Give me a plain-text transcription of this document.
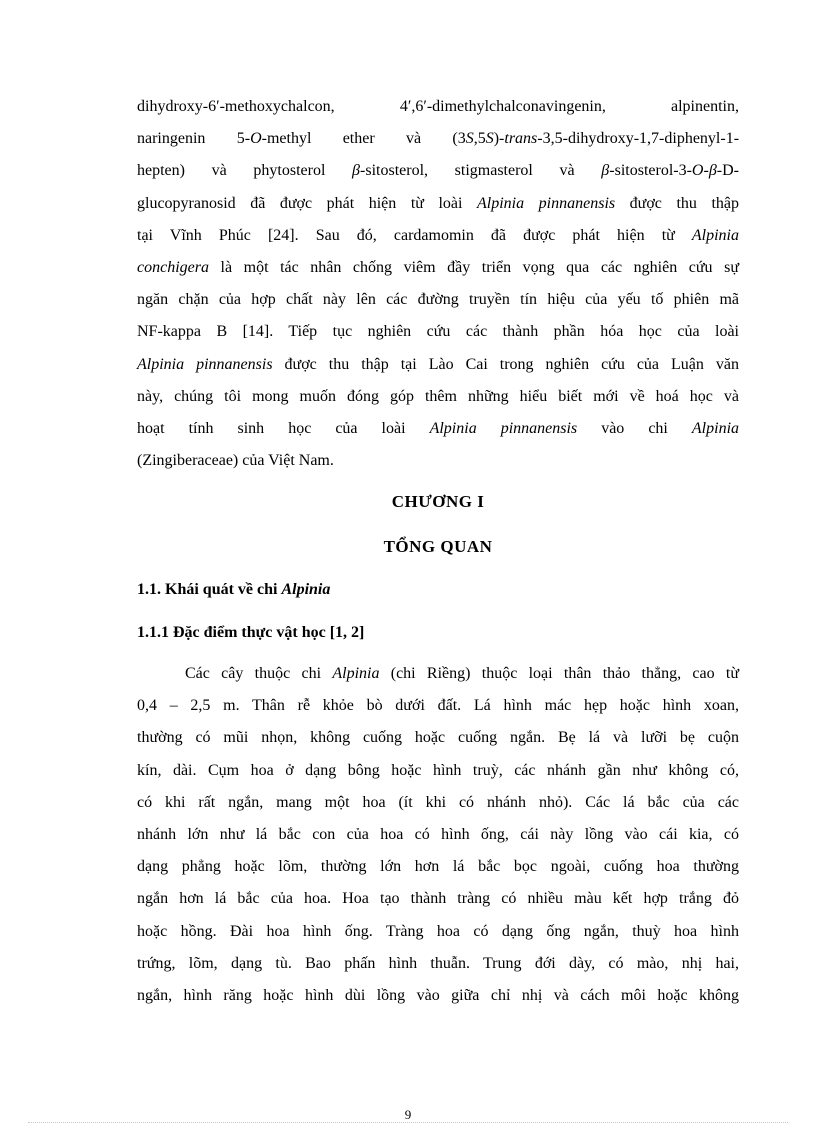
dihydroxy-6′-methoxychalcon, 4′,6′-dimethylchalconavingenin, alpinentin,
naringenin 5-O-methyl ether và (3S,5S)-trans-3,5-dihydroxy-1,7-diphenyl-1-
hepten) và phytosterol β-sitosterol, stigmasterol và β-sitosterol-3-O-β-D-
glucopyranosid đã được phát hiện từ loài Alpinia pinnanensis được thu thập
tại Vĩnh Phúc [24]. Sau đó, cardamomin đã được phát hiện từ Alpinia
conchigera là một tác nhân chống viêm đầy triển vọng qua các nghiên cứu sự
ngăn chặn của hợp chất này lên các đường truyền tín hiệu của yếu tố phiên mã
NF-kappa B [14]. Tiếp tục nghiên cứu các thành phần hóa học của loài
Alpinia pinnanensis được thu thập tại Lào Cai trong nghiên cứu của Luận văn
này, chúng tôi mong muốn đóng góp thêm những hiểu biết mới về hoá học và
hoạt tính sinh học của loài Alpinia pinnanensis vào chi Alpinia
(Zingiberaceae) của Việt Nam.
CHƯƠNG I
TỔNG QUAN
1.1. Khái quát về chi Alpinia
1.1.1 Đặc điểm thực vật học [1, 2]
Các cây thuộc chi Alpinia (chi Riềng) thuộc loại thân thảo thẳng, cao từ
0,4 – 2,5 m. Thân rễ khỏe bò dưới đất. Lá hình mác hẹp hoặc hình xoan,
thường có mũi nhọn, không cuống hoặc cuống ngắn. Bẹ lá và lưỡi bẹ cuộn
kín, dài. Cụm hoa ở dạng bông hoặc hình truỳ, các nhánh gần như không có,
có khi rất ngắn, mang một hoa (ít khi có nhánh nhỏ). Các lá bắc của các
nhánh lớn như lá bắc con của hoa có hình ống, cái này lồng vào cái kia, có
dạng phẳng hoặc lõm, thường lớn hơn lá bắc bọc ngoài, cuống hoa thường
ngắn hơn lá bắc của hoa. Hoa tạo thành tràng có nhiều màu kết hợp trắng đỏ
hoặc hồng. Đài hoa hình ống. Tràng hoa có dạng ống ngắn, thuỳ hoa hình
trứng, lõm, dạng tù. Bao phấn hình thuẫn. Trung đới dày, có mào, nhị hai,
ngắn, hình răng hoặc hình dùi lồng vào giữa chỉ nhị và cách môi hoặc không
9
